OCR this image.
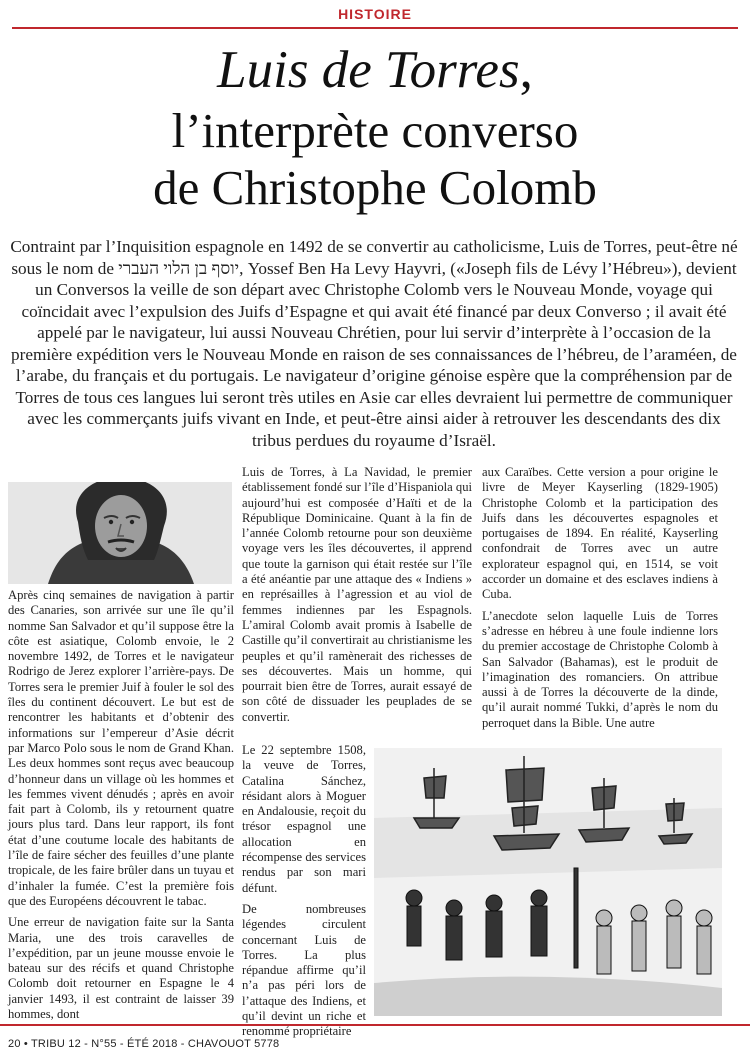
HISTOIRE
Luis de Torres,
l’interprète converso
de Christophe Colomb

Contraint par l’Inquisition espagnole en 1492 de se convertir au catholicisme, Luis de Torres, peut-être né sous le nom de יוסף בן הלוי העברי, Yossef Ben Ha Levy Hayvri, («Joseph fils de Lévy l’Hébreu»), devient un Conversos la veille de son départ avec Christophe Colomb vers le Nouveau Monde, voyage qui coïncidait avec l’expulsion des Juifs d’Espagne et qui avait été financé par deux Converso ; il avait été appelé par le navigateur, lui aussi Nouveau Chrétien, pour lui servir d’interprète à l’occasion de la première expédition vers le Nouveau Monde en raison de ses connaissances de l’hébreu, de l’araméen, de l’arabe, du français et du portugais. Le navigateur d’origine génoise espère que la compréhension par de Torres de tous ces langues lui seront très utiles en Asie car elles devraient lui permettre de communiquer avec les commerçants juifs vivant en Inde, et peut-être ainsi aider à retrouver les descendants des dix tribus perdues du royaume d’Israël.

Après cinq semaines de navigation à partir des Canaries, son arrivée sur une île qu’il nomme San Salvador et qu’il suppose être la côte est asiatique, Colomb envoie, le 2 novembre 1492, de Torres et le navigateur Rodrigo de Jerez explorer l’arrière-pays. De Torres sera le premier Juif à fouler le sol des îles du continent découvert. Le but est de rencontrer les habitants et d’obtenir des informations sur l’empereur d’Asie décrit par Marco Polo sous le nom de Grand Khan. Les deux hommes sont reçus avec beaucoup d’honneur dans un village où les hommes et les femmes vivent dénudés ; après en avoir fait part à Colomb, ils y retournent quatre jours plus tard. Dans leur rapport, ils font état d’une coutume locale des habitants de l’île de faire sécher des feuilles d’une plante tropicale, de les faire brûler dans un tuyau et d’inhaler la fumée. C’est la première fois que des Européens découvrent le tabac.

Une erreur de navigation faite sur la Santa Maria, une des trois caravelles de l’expédition, par un jeune mousse envoie le bateau sur des récifs et quand Christophe Colomb doit retourner en Espagne le 4 janvier 1493, il est contraint de laisser 39 hommes, dont

Luis de Torres, à La Navidad, le premier établissement fondé sur l’île d’Hispaniola qui aujourd’hui est composée d’Haïti et de la République Dominicaine. Quant à la fin de l’année Colomb retourne pour son deuxième voyage vers les îles découvertes, il apprend que toute la garnison qui était restée sur l’île a été anéantie par une attaque des « Indiens » en représailles à l’agression et au viol de femmes indiennes par les Espagnols. L’amiral Colomb avait promis à Isabelle de Castille qu’il convertirait au christianisme les peuples et qu’il ramènerait des richesses de ses découvertes. Mais un homme, qui pourrait bien être de Torres, aurait essayé de son côté de dissuader les peuplades de se convertir.

Le 22 septembre 1508, la veuve de Torres, Catalina Sánchez, résidant alors à Moguer en Andalousie, reçoit du trésor espagnol une allocation en récompense des services rendus par son mari défunt.

De nombreuses légendes circulent concernant Luis de Torres. La plus répandue affirme qu’il n’a pas péri lors de l’attaque des Indiens, et qu’il devint un riche et renommé propriétaire

aux Caraïbes. Cette version a pour origine le livre de Meyer Kayserling (1829-1905) Christophe Colomb et la participation des Juifs dans les découvertes espagnoles et portugaises de 1894. En réalité, Kayserling confondrait de Torres avec un autre explorateur espagnol qui, en 1514, se voit accorder un domaine et des esclaves indiens à Cuba.

L’anecdote selon laquelle Luis de Torres s’adresse en hébreu à une foule indienne lors du premier accostage de Christophe Colomb à San Salvador (Bahamas), est le produit de l’imagination des romanciers. On attribue aussi à de Torres la découverte de la dinde, qu’il aurait nommé Tukki, d’après le nom du perroquet dans la Bible. Une autre

20 • TRIBU 12 - N°55 - ÉTÉ 2018 - CHAVOUOT 5778
